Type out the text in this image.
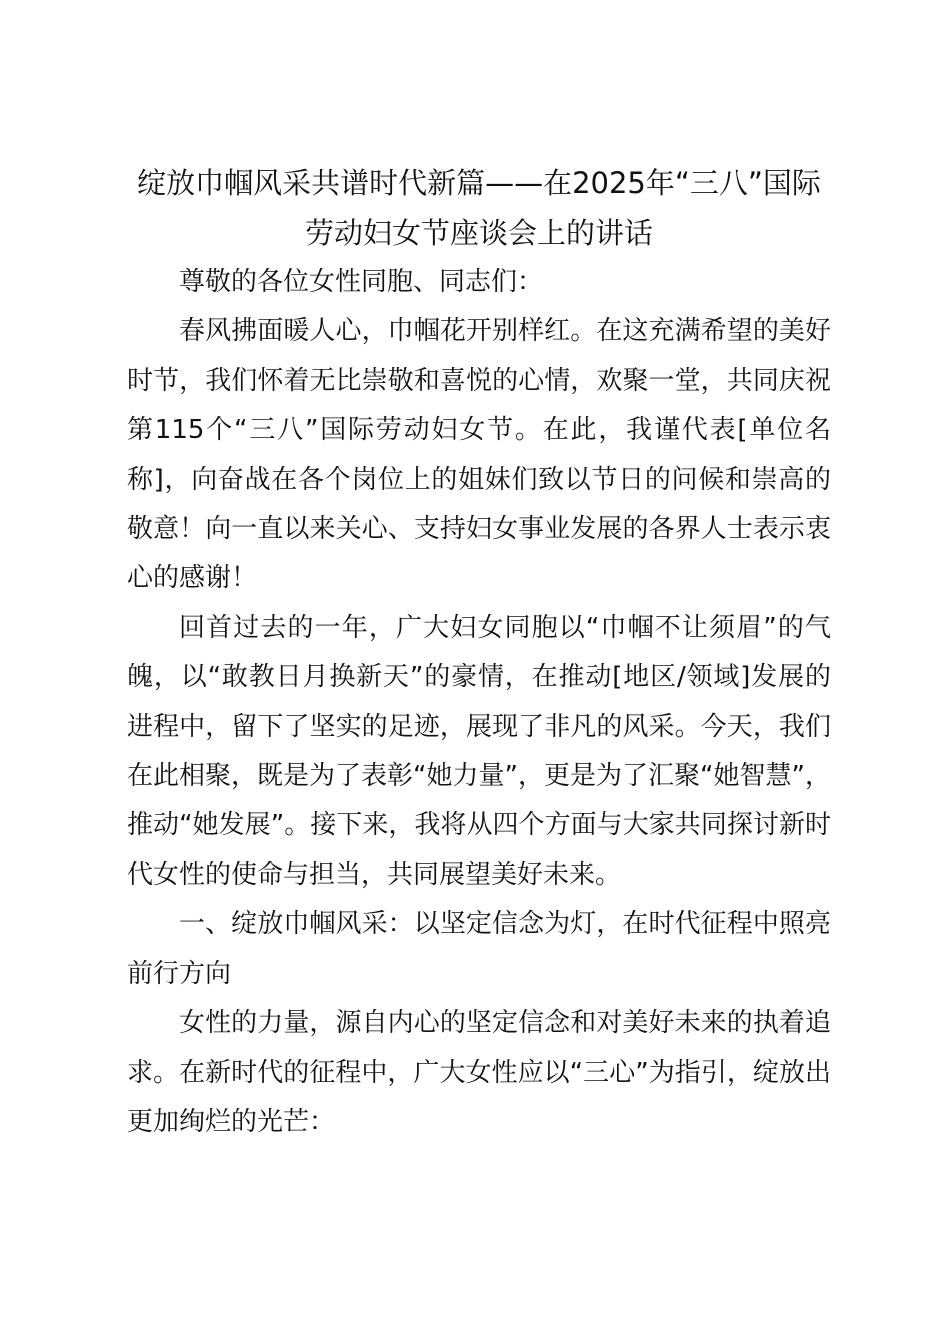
绽放巾帼风采共谱时代新篇——在2025年“三八”国际劳动妇女节座谈会上的讲话

尊敬的各位女性同胞、同志们：

春风拂面暖人心，巾帼花开别样红。在这充满希望的美好时节，我们怀着无比崇敬和喜悦的心情，欢聚一堂，共同庆祝第115个“三八”国际劳动妇女节。在此，我谨代表[单位名称]，向奋战在各个岗位上的姐妹们致以节日的问候和崇高的敬意！向一直以来关心、支持妇女事业发展的各界人士表示衷心的感谢！

回首过去的一年，广大妇女同胞以“巾帼不让须眉”的气魄，以“敢教日月换新天”的豪情，在推动[地区/领域]发展的进程中，留下了坚实的足迹，展现了非凡的风采。今天，我们在此相聚，既是为了表彰“她力量”，更是为了汇聚“她智慧”，推动“她发展”。接下来，我将从四个方面与大家共同探讨新时代女性的使命与担当，共同展望美好未来。

一、绽放巾帼风采：以坚定信念为灯，在时代征程中照亮前行方向

女性的力量，源自内心的坚定信念和对美好未来的执着追求。在新时代的征程中，广大女性应以“三心”为指引，绽放出更加绚烂的光芒：
